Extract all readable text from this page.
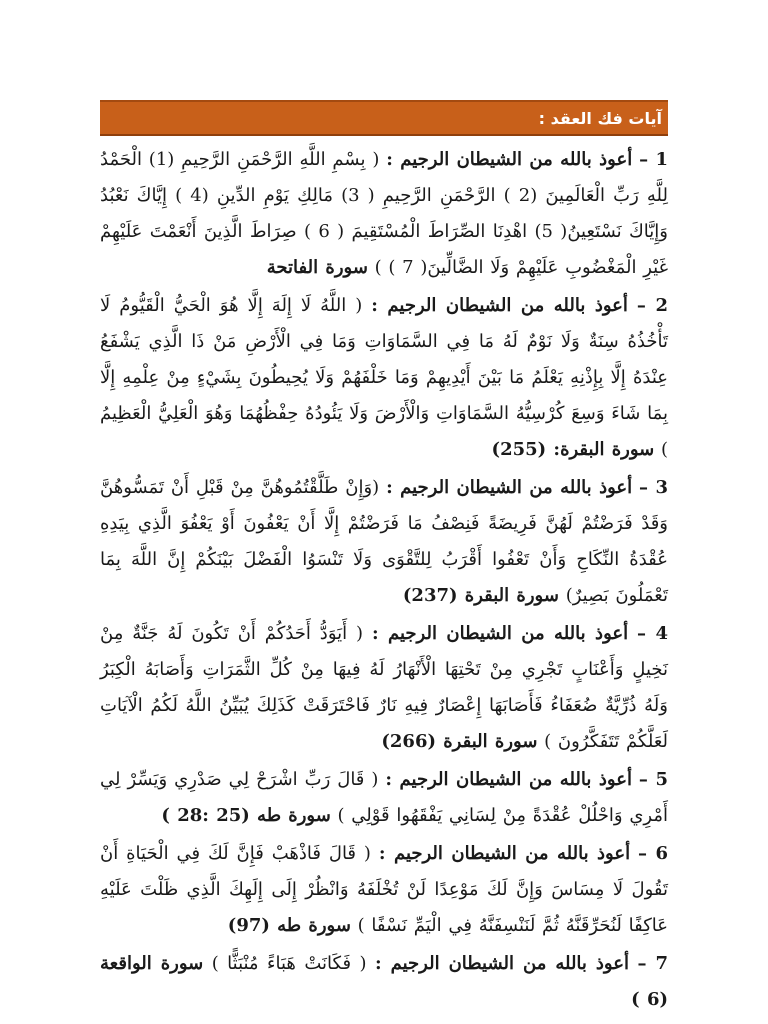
آيات فك العقد :

1 – أعوذ بالله من الشيطان الرجيم : ( بِسْمِ اللَّهِ الرَّحْمَنِ الرَّحِيمِ (1) الْحَمْدُ لِلَّهِ رَبِّ الْعَالَمِينَ (2 ) الرَّحْمَنِ الرَّحِيمِ ( 3) مَالِكِ يَوْمِ الدِّينِ (4 ) إِيَّاكَ نَعْبُدُ وَإِيَّاكَ نَسْتَعِينُ( 5) اهْدِنَا الصِّرَاطَ الْمُسْتَقِيمَ ( 6 ) صِرَاطَ الَّذِينَ أَنْعَمْتَ عَلَيْهِمْ غَيْرِ الْمَغْضُوبِ عَلَيْهِمْ وَلَا الضَّالِّينَ( 7 ) ) سورة الفاتحة

2 – أعوذ بالله من الشيطان الرجيم : ( اللَّهُ لَا إِلَهَ إِلَّا هُوَ الْحَيُّ الْقَيُّومُ لَا تَأْخُذُهُ سِنَةٌ وَلَا نَوْمٌ لَهُ مَا فِي السَّمَاوَاتِ وَمَا فِي الْأَرْضِ مَنْ ذَا الَّذِي يَشْفَعُ عِنْدَهُ إِلَّا بِإِذْنِهِ يَعْلَمُ مَا بَيْنَ أَيْدِيهِمْ وَمَا خَلْفَهُمْ وَلَا يُحِيطُونَ بِشَيْءٍ مِنْ عِلْمِهِ إِلَّا بِمَا شَاءَ وَسِعَ كُرْسِيُّهُ السَّمَاوَاتِ وَالْأَرْضَ وَلَا يَئُودُهُ حِفْظُهُمَا وَهُوَ الْعَلِيُّ الْعَظِيمُ ) سورة البقرة: (255)

3 – أعوذ بالله من الشيطان الرجيم : (وَإِنْ طَلَّقْتُمُوهُنَّ مِنْ قَبْلِ أَنْ تَمَسُّوهُنَّ وَقَدْ فَرَضْتُمْ لَهُنَّ فَرِيضَةً فَنِصْفُ مَا فَرَضْتُمْ إِلَّا أَنْ يَعْفُونَ أَوْ يَعْفُوَ الَّذِي بِيَدِهِ عُقْدَةُ النِّكَاحِ وَأَنْ تَعْفُوا أَقْرَبُ لِلتَّقْوَى وَلَا تَنْسَوُا الْفَضْلَ بَيْنَكُمْ إِنَّ اللَّهَ بِمَا تَعْمَلُونَ بَصِيرٌ) سورة البقرة (237)

4 – أعوذ بالله من الشيطان الرجيم : ( أَيَوَدُّ أَحَدُكُمْ أَنْ تَكُونَ لَهُ جَنَّةٌ مِنْ نَخِيلٍ وَأَعْنَابٍ تَجْرِي مِنْ تَحْتِهَا الْأَنْهَارُ لَهُ فِيهَا مِنْ كُلِّ الثَّمَرَاتِ وَأَصَابَهُ الْكِبَرُ وَلَهُ ذُرِّيَّةٌ ضُعَفَاءُ فَأَصَابَهَا إِعْصَارٌ فِيهِ نَارٌ فَاحْتَرَقَتْ كَذَلِكَ يُبَيِّنُ اللَّهُ لَكُمُ الْآيَاتِ لَعَلَّكُمْ تَتَفَكَّرُونَ ) سورة البقرة (266)

5 – أعوذ بالله من الشيطان الرجيم : ( قَالَ رَبِّ اشْرَحْ لِي صَدْرِي وَيَسِّرْ لِي أَمْرِي وَاحْلُلْ عُقْدَةً مِنْ لِسَانِي يَفْقَهُوا قَوْلِي ) سورة طه (25 :28 )

6 – أعوذ بالله من الشيطان الرجيم : ( قَالَ فَاذْهَبْ فَإِنَّ لَكَ فِي الْحَيَاةِ أَنْ تَقُولَ لَا مِسَاسَ وَإِنَّ لَكَ مَوْعِدًا لَنْ تُخْلَفَهُ وَانْظُرْ إِلَى إِلَهِكَ الَّذِي ظَلْتَ عَلَيْهِ عَاكِفًا لَنُحَرِّقَنَّهُ ثُمَّ لَنَنْسِفَنَّهُ فِي الْيَمِّ نَسْفًا ) سورة طه (97)

7 – أعوذ بالله من الشيطان الرجيم : ( فَكَانَتْ هَبَاءً مُنْبَثًّا ) سورة الواقعة (6 )
